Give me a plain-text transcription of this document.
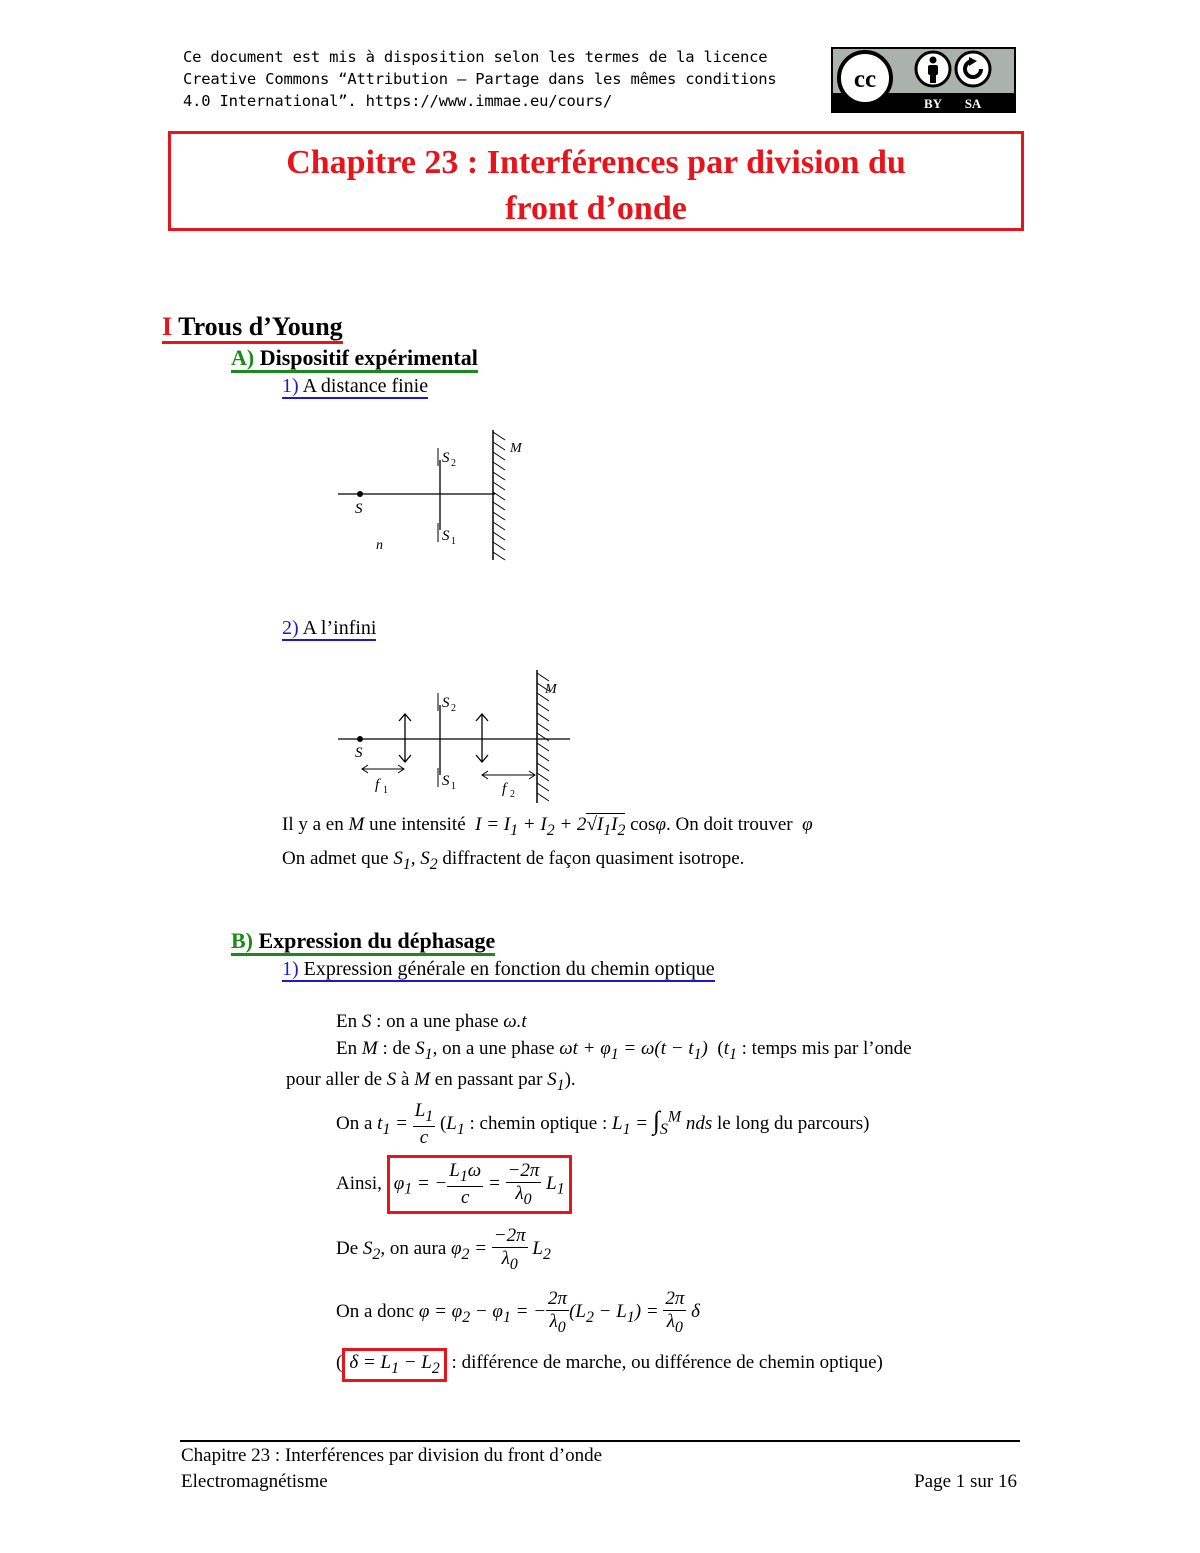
Ce document est mis à disposition selon les termes de la licence
Creative Commons “Attribution – Partage dans les mêmes conditions
4.0 International”. https://www.immae.eu/cours/
cc
BY SA
Chapitre 23 : Interférences par division du
front d’onde
I Trous d’Young
A) Dispositif expérimental
1) A distance finie
S
S 2
S 1
M
n
2) A l’infini
S
S 2
S 1
M
f 1	f 2
Il y a en M une intensité  $I = I_1 + I_2 + 2√I_1I_2$ cosφ. On doit trouver  φ
On admet que $S_1$, $S_2$ diffractent de façon quasiment isotrope.
B) Expression du déphasage
1) Expression générale en fonction du chemin optique
En S : on a une phase ω.t
En M : de $S_1$, on a une phase $\omega t + \varphi_1 = \omega(t - t_1)$  ($t_1$ : temps mis par l’onde
pour aller de S à M en passant par $S_1$).
On a $t_1 = \frac{L_1}{c} (L_1$ : chemin optique : $L_1 = \int_S^M$ nds le long du parcours)
Ainsi, $\varphi_1$ = − $\frac{L_1\omega}{c} = \frac{-2\pi}{\lambda_0} L_1$
De $S_2$, on aura $\varphi_2 = \frac{-2\pi}{\lambda_0} L_2$
On a donc $\varphi = \varphi_2 - \varphi_1$ = − $\frac{2\pi}{\lambda_0} (L_2 - L_1) = \frac{2\pi}{\lambda_0}$ δ
( $\delta = L_1 - L_2$ : différence de marche, ou différence de chemin optique)
Chapitre 23 : Interférences par division du front d’onde
Electromagnétisme	Page 1 sur 16
